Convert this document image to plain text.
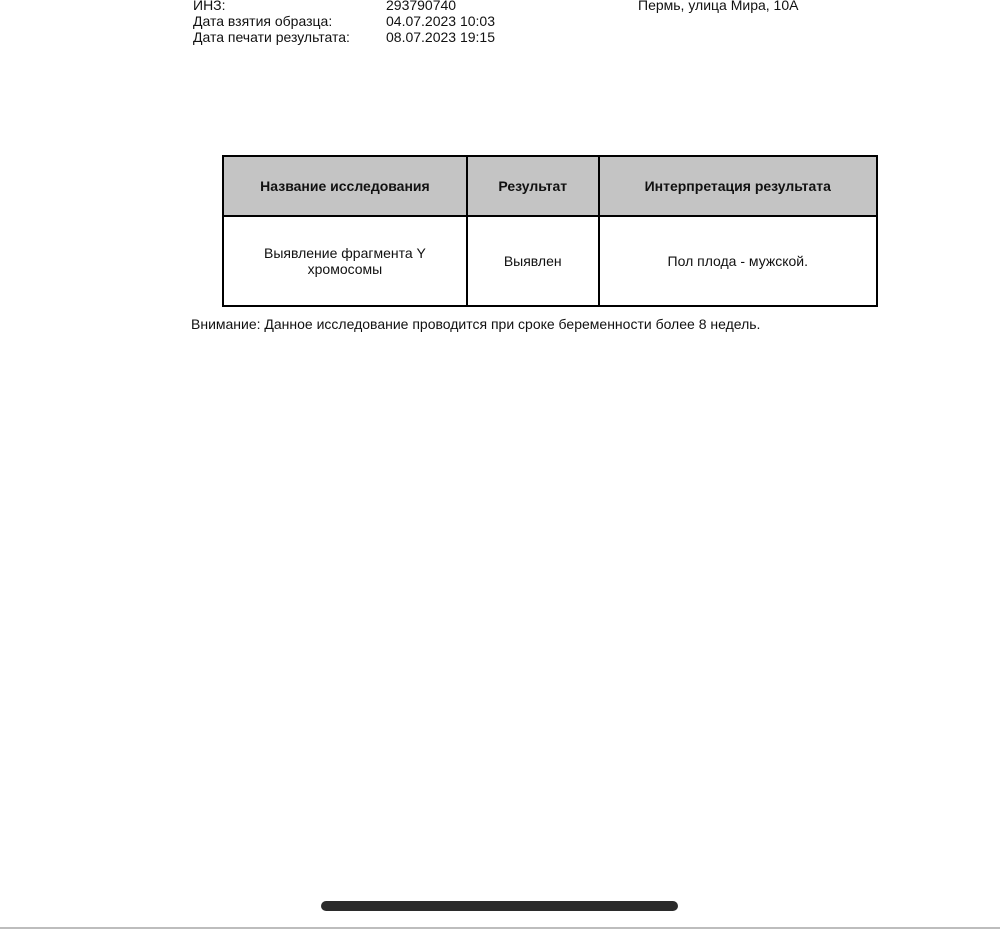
ИНЗ:	293790740	Пермь, улица Мира, 10А
Дата взятия образца:	04.07.2023 10:03
Дата печати результата:	08.07.2023 19:15
Название исследования	Результат	Интерпретация результата

Выявление фрагмента Y хромосомы	Выявлен	Пол плода - мужской.
Внимание: Данное исследование проводится при сроке беременности более 8 недель.
